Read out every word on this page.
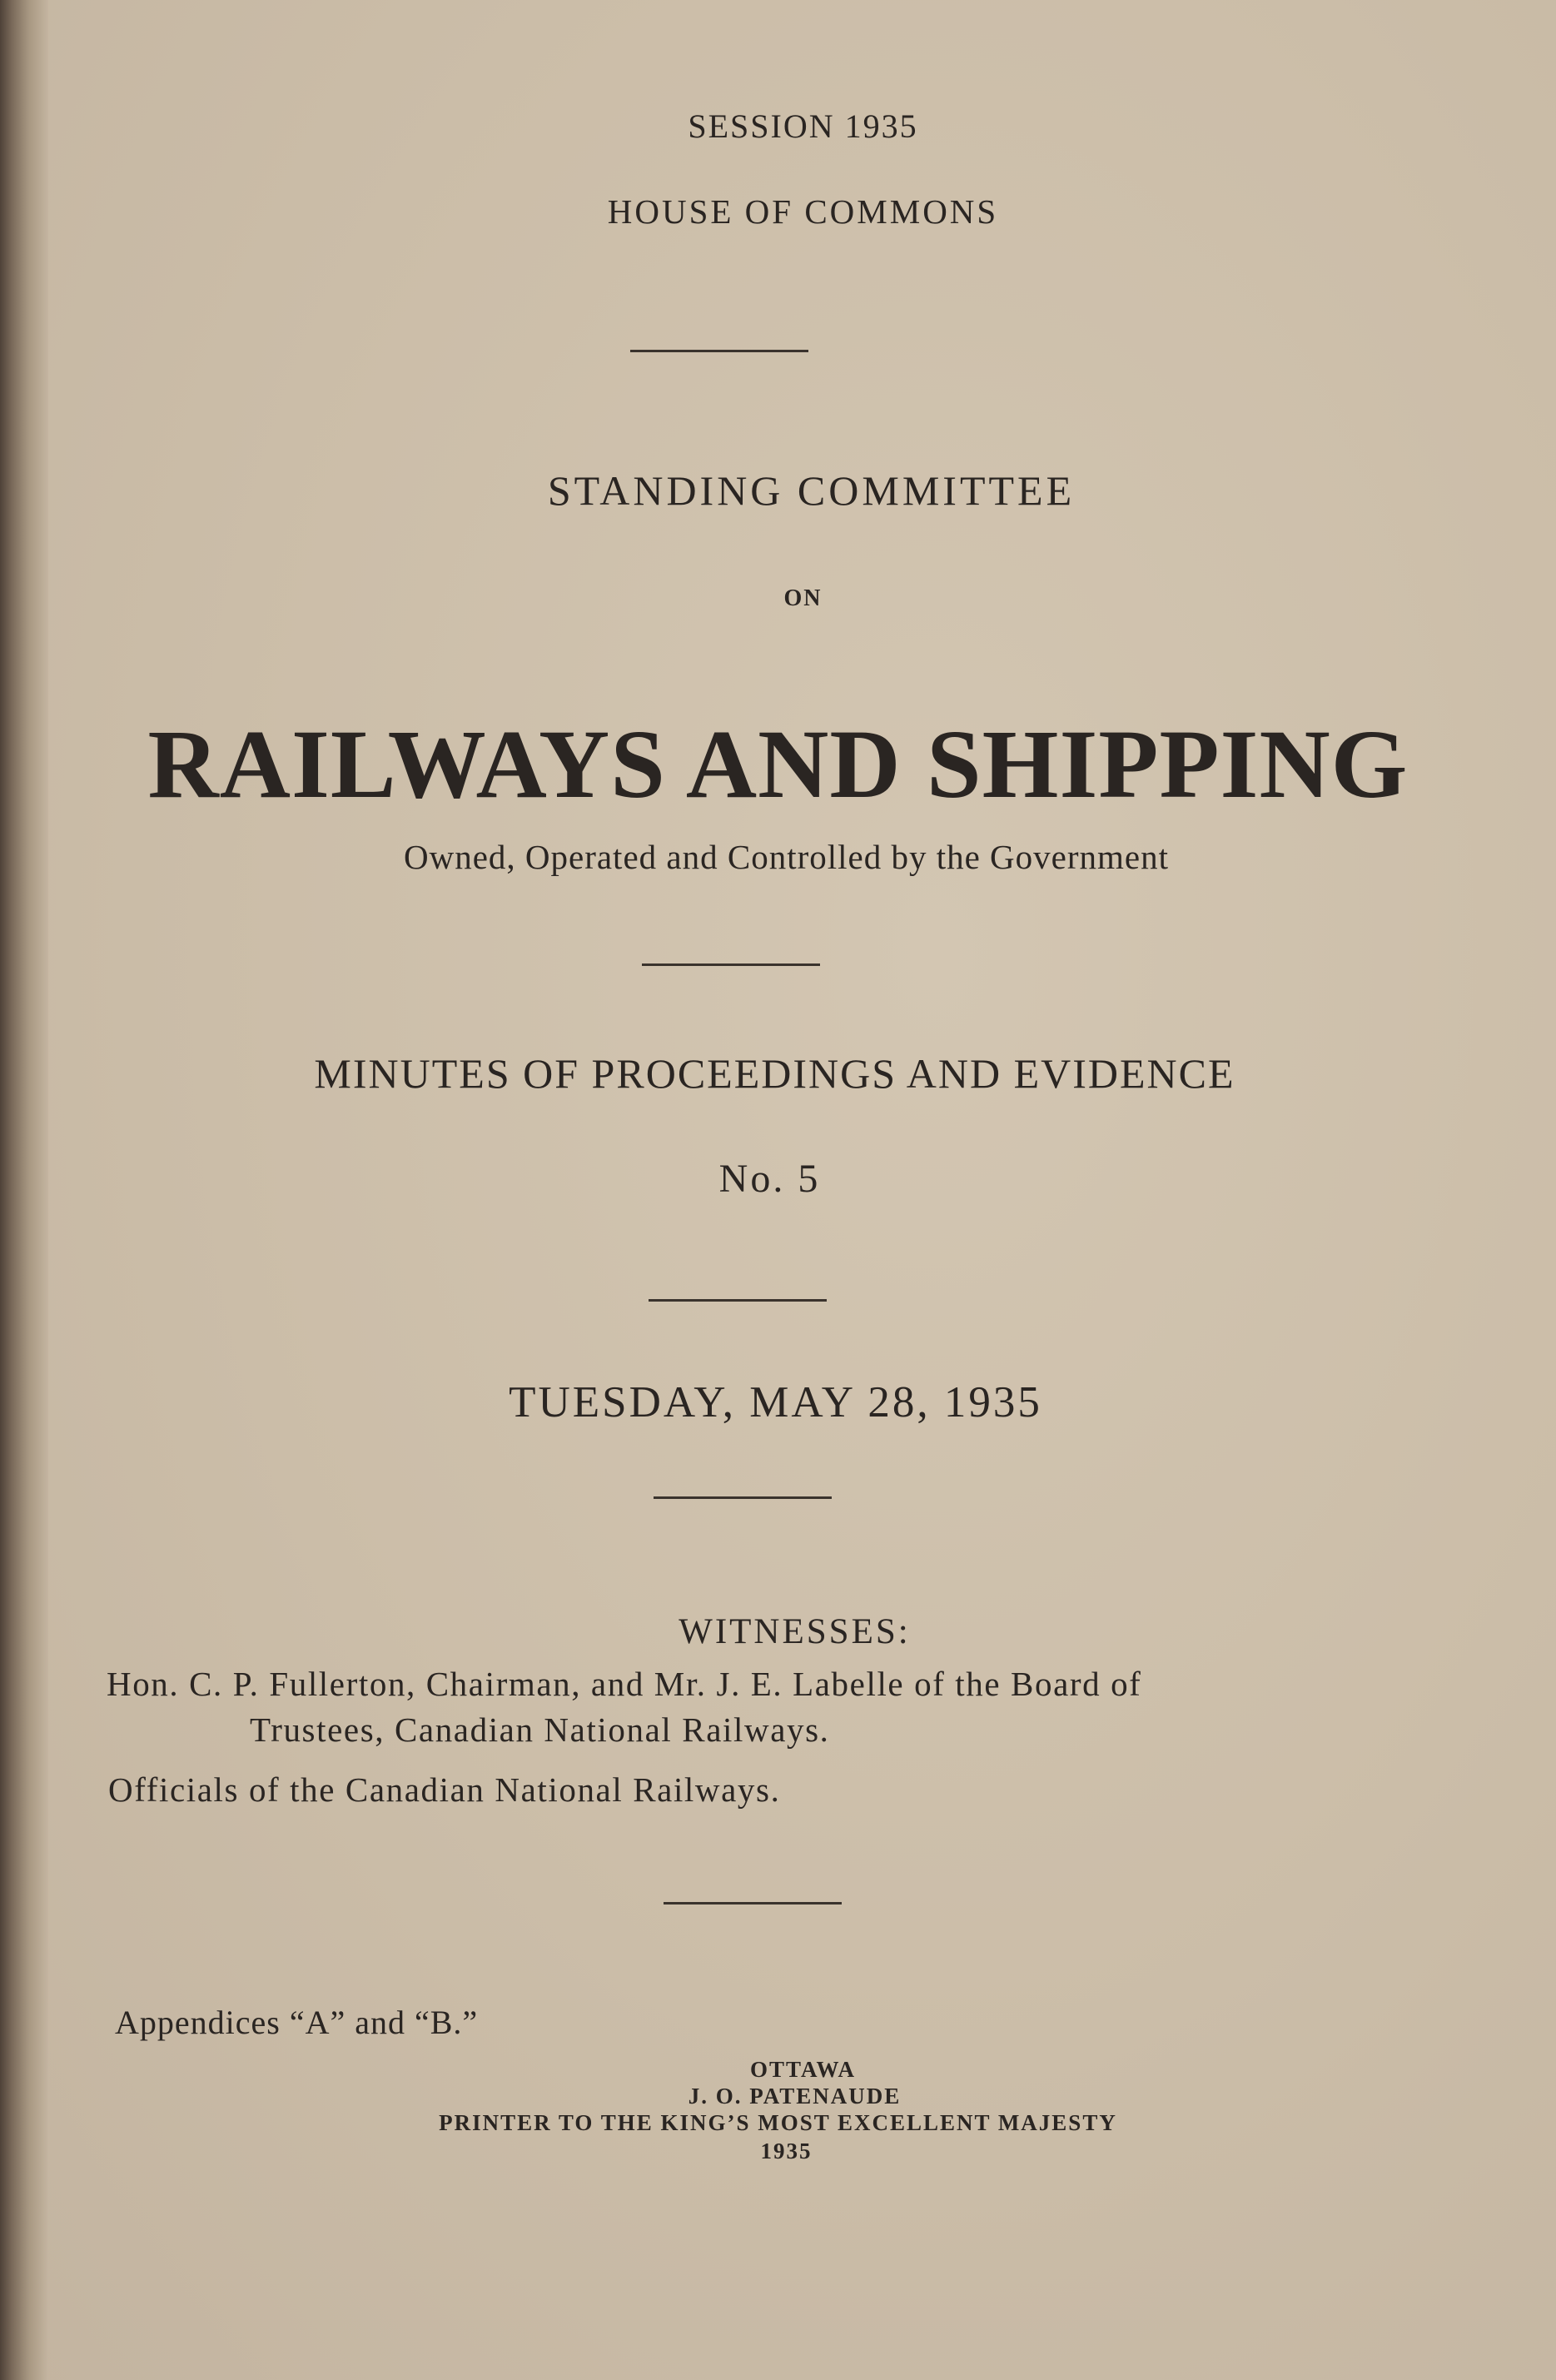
SESSION 1935
HOUSE OF COMMONS
STANDING COMMITTEE
ON
RAILWAYS AND SHIPPING
Owned, Operated and Controlled by the Government
MINUTES OF PROCEEDINGS AND EVIDENCE
No. 5
TUESDAY, MAY 28, 1935
WITNESSES:
Hon. C. P. Fullerton, Chairman, and Mr. J. E. Labelle of the Board of
Trustees, Canadian National Railways.
Officials of the Canadian National Railways.
Appendices “A” and “B.”
OTTAWA
J. O. PATENAUDE
PRINTER TO THE KING’S MOST EXCELLENT MAJESTY
1935
